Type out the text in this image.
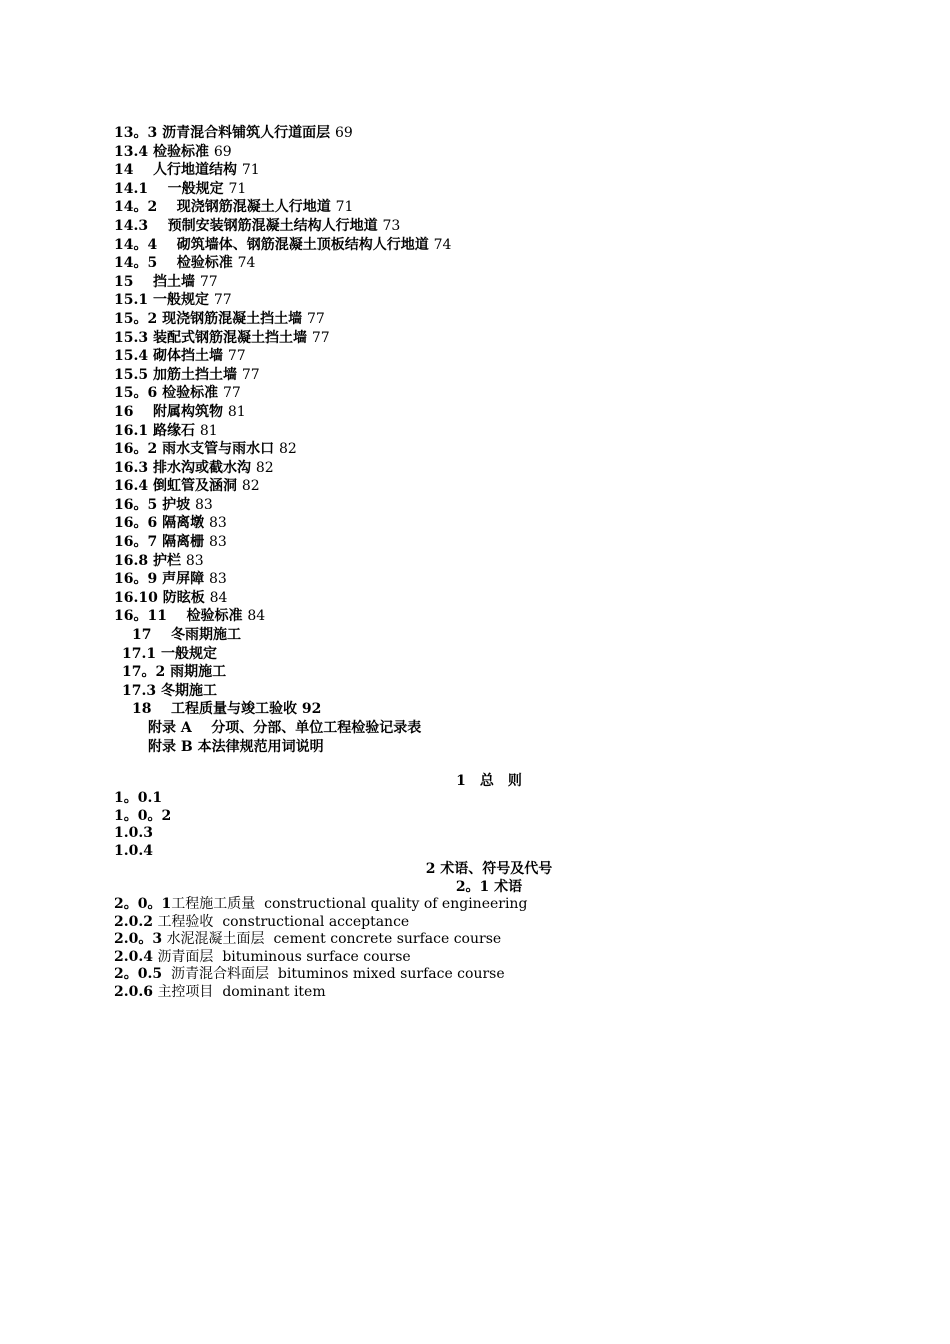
13。3 沥青混合料铺筑人行道面层 69
13.4 检验标准 69
14 人行地道结构 71
14.1 一般规定 71
14。2 现浇钢筋混凝土人行地道 71
14.3 预制安装钢筋混凝土结构人行地道 73
14。4 砌筑墙体、钢筋混凝土顶板结构人行地道 74
14。5 检验标准 74
15 挡土墙 77
15.1 一般规定 77
15。2 现浇钢筋混凝土挡土墙 77
15.3 装配式钢筋混凝土挡土墙 77
15.4 砌体挡土墙 77
15.5 加筋土挡土墙 77
15。6 检验标准 77
16 附属构筑物 81
16.1 路缘石 81
16。2 雨水支管与雨水口 82
16.3 排水沟或截水沟 82
16.4 倒虹管及涵洞 82
16。5 护坡 83
16。6 隔离墩 83
16。7 隔离栅 83
16.8 护栏 83
16。9 声屏障 83
16.10 防眩板 84
16。11 检验标准 84
17 冬雨期施工
17.1 一般规定
17。2 雨期施工
17.3 冬期施工
18 工程质量与竣工验收 92
附录 A 分项、分部、单位工程检验记录表
附录 B 本法律规范用词说明
1　总　则
1。0.1
1。0。2
1.0.3
1.0.4
2 术语、符号及代号
2。1 术语
2。0。1工程施工质量 constructional quality of engineering
2.0.2 工程验收 constructional acceptance
2.0。3 水泥混凝土面层 cement concrete surface course
2.0.4 沥青面层 bituminous surface course
2。0.5 沥青混合料面层 bituminos mixed surface course
2.0.6 主控项目 dominant item
